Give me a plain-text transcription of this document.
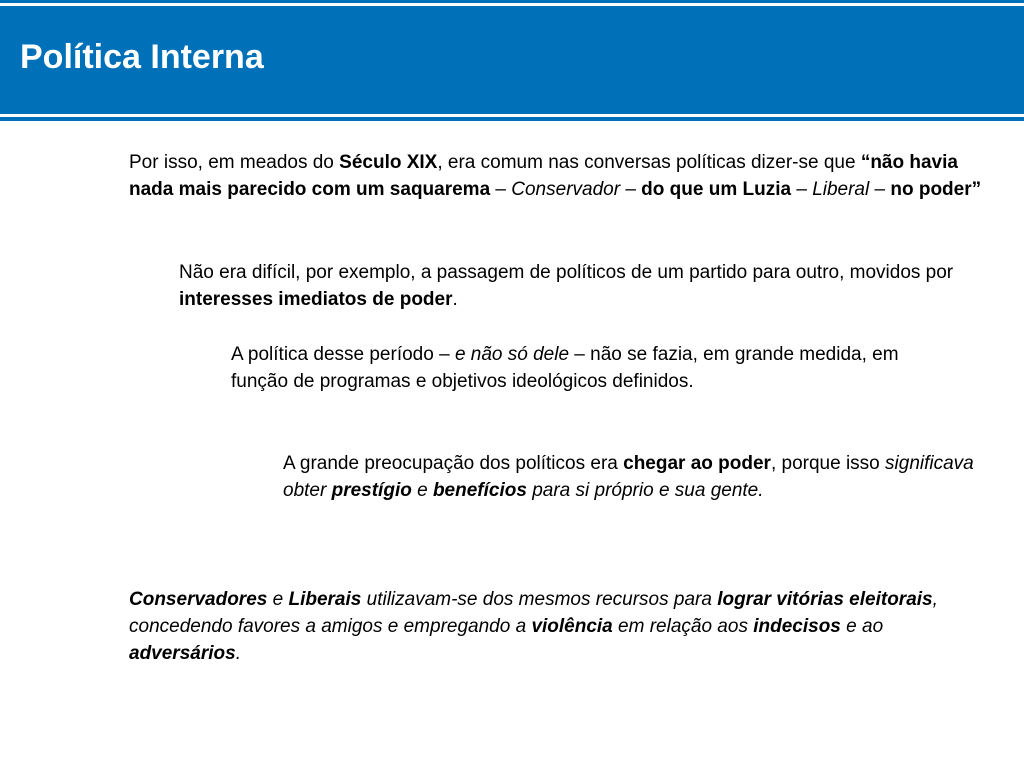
Política Interna

Por isso, em meados do Século XIX, era comum nas conversas políticas dizer-se que “não havia nada mais parecido com um saquarema – Conservador – do que um Luzia – Liberal – no poder”

Não era difícil, por exemplo, a passagem de políticos de um partido para outro, movidos por interesses imediatos de poder.

A política desse período – e não só dele – não se fazia, em grande medida, em função de programas e objetivos ideológicos definidos.

A grande preocupação dos políticos era chegar ao poder, porque isso significava obter prestígio e benefícios para si próprio e sua gente.

Conservadores e Liberais utilizavam-se dos mesmos recursos para lograr vitórias eleitorais, concedendo favores a amigos e empregando a violência em relação aos indecisos e ao adversários.
